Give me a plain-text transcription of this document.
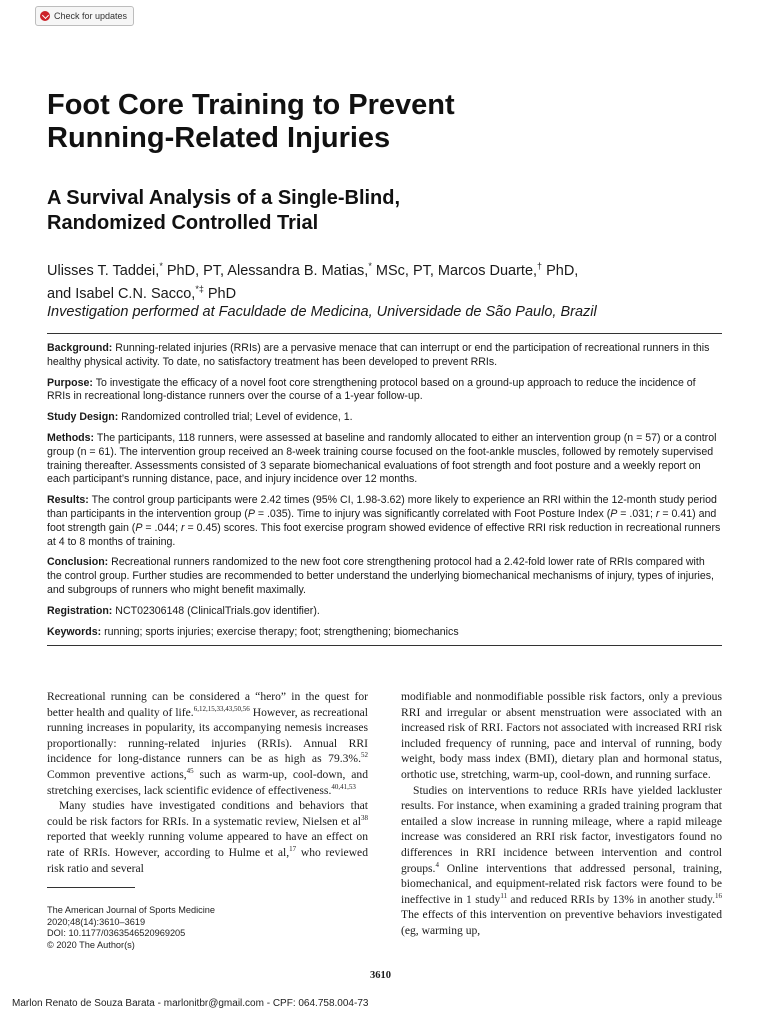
Check for updates
Foot Core Training to Prevent
Running-Related Injuries
A Survival Analysis of a Single-Blind,
Randomized Controlled Trial
Ulisses T. Taddei,* PhD, PT, Alessandra B. Matias,* MSc, PT, Marcos Duarte,† PhD,
and Isabel C.N. Sacco,*‡ PhD
Investigation performed at Faculdade de Medicina, Universidade de São Paulo, Brazil

Background: Running-related injuries (RRIs) are a pervasive menace that can interrupt or end the participation of recreational runners in this healthy physical activity. To date, no satisfactory treatment has been developed to prevent RRIs.

Purpose: To investigate the efficacy of a novel foot core strengthening protocol based on a ground-up approach to reduce the incidence of RRIs in recreational long-distance runners over the course of a 1-year follow-up.

Study Design: Randomized controlled trial; Level of evidence, 1.

Methods: The participants, 118 runners, were assessed at baseline and randomly allocated to either an intervention group (n = 57) or a control group (n = 61). The intervention group received an 8-week training course focused on the foot-ankle muscles, followed by remotely supervised training thereafter. Assessments consisted of 3 separate biomechanical evaluations of foot strength and foot posture and a weekly report on each participant’s running distance, pace, and injury incidence over 12 months.

Results: The control group participants were 2.42 times (95% CI, 1.98-3.62) more likely to experience an RRI within the 12-month study period than participants in the intervention group (P = .035). Time to injury was significantly correlated with Foot Posture Index (P = .031; r = 0.41) and foot strength gain (P = .044; r = 0.45) scores. This foot exercise program showed evidence of effective RRI risk reduction in recreational runners at 4 to 8 months of training.

Conclusion: Recreational runners randomized to the new foot core strengthening protocol had a 2.42-fold lower rate of RRIs compared with the control group. Further studies are recommended to better understand the underlying biomechanical mechanisms of injury, types of injuries, and subgroups of runners who might benefit maximally.

Registration: NCT02306148 (ClinicalTrials.gov identifier).

Keywords: running; sports injuries; exercise therapy; foot; strengthening; biomechanics

Recreational running can be considered a “hero” in the quest for better health and quality of life.$^{6,12,15,33,43,50,56}$ However, as recreational running increases in popularity, its accompanying nemesis increases proportionally: running-related injuries (RRIs). Annual RRI incidence for long-distance runners can be as high as 79.3%.$^{52}$ Common preventive actions,$^{45}$ such as warm-up, cool-down, and stretching exercises, lack scientific evidence of effectiveness.$^{40,41,53}$

Many studies have investigated conditions and behaviors that could be risk factors for RRIs. In a systematic review, Nielsen et $al^{38}$ reported that weekly running volume appeared to have an effect on rate of RRIs. However, according to Hulme et al,$^{17}$ who reviewed risk ratio and several

modifiable and nonmodifiable possible risk factors, only a previous RRI and irregular or absent menstruation were associated with an increased risk of RRI. Factors not associated with increased RRI risk included frequency of running, pace and interval of running, body weight, body mass index (BMI), dietary plan and hormonal status, orthotic use, stretching, warm-up, cool-down, and running surface.

Studies on interventions to reduce RRIs have yielded lackluster results. For instance, when examining a graded training program that entailed a slow increase in running mileage, where a rapid mileage increase was considered an RRI risk factor, investigators found no differences in RRI incidence between intervention and control groups.$^4$ Online interventions that addressed personal, training, biomechanical, and equipment-related risk factors were found to be ineffective in 1 study$^{11}$ and reduced RRIs by 13% in another study.$^{16}$ The effects of this intervention on preventive behaviors investigated (eg, warming up,

The American Journal of Sports Medicine
2020;48(14):3610–3619
DOI: 10.1177/0363546520969205
© 2020 The Author(s)
3610
Marlon Renato de Souza Barata - marlonitbr@gmail.com - CPF: 064.758.004-73
